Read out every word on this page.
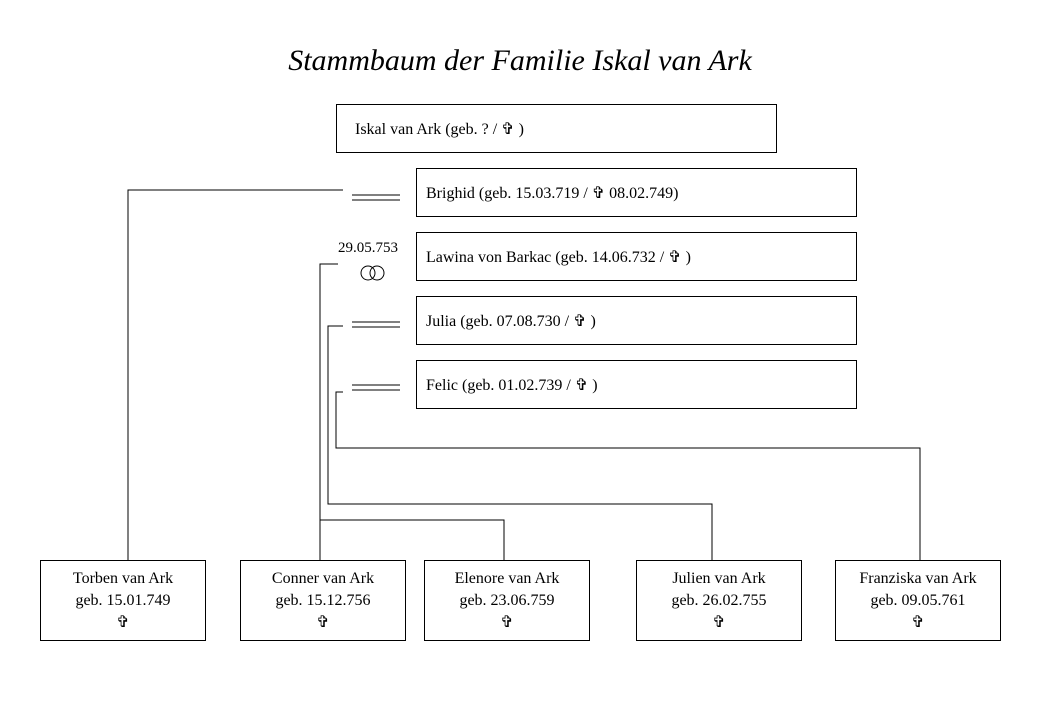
Stammbaum der Familie Iskal van Ark
29.05.753
Iskal van Ark (geb. ? / ✞ )
Brighid (geb. 15.03.719 / ✞ 08.02.749)
Lawina von Barkac (geb. 14.06.732 / ✞ )
Julia (geb. 07.08.730 / ✞ )
Felic (geb. 01.02.739 / ✞ )
Torben van Ark
geb. 15.01.749
✞
Conner van Ark
geb. 15.12.756
✞
Elenore van Ark
geb. 23.06.759
✞
Julien van Ark
geb. 26.02.755
✞
Franziska van Ark
geb. 09.05.761
✞
